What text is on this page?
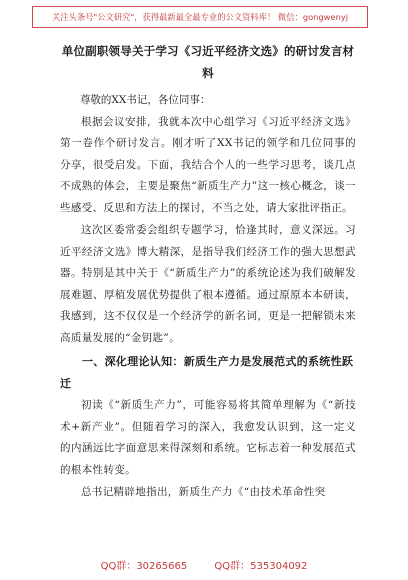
关注头条号"公文研究"，获得最新最全最专业的公文资料库！ 微信：gongwenyj
单位副职领导关于学习《习近平经济文选》的研讨发言材料

尊敬的XX书记，各位同事：

根据会议安排，我就本次中心组学习《习近平经济文选》第一卷作个研讨发言。刚才听了XX书记的领学和几位同事的分享，很受启发。下面，我结合个人的一些学习思考，谈几点不成熟的体会，主要是聚焦“新质生产力”这一核心概念，谈一些感受、反思和方法上的探讨，不当之处，请大家批评指正。

这次区委常委会组织专题学习，恰逢其时，意义深远。习近平经济文选》博大精深，是指导我们经济工作的强大思想武器。特别是其中关于《“新质生产力”的系统论述为我们破解发展难题、厚植发展优势提供了根本遵循。通过原原本本研读，我感到，这不仅仅是一个经济学的新名词，更是一把解锁未来高质量发展的“金钥匙”。

一、深化理论认知：新质生产力是发展范式的系统性跃迁

初读《“新质生产力”，可能容易将其简单理解为《“新技术+新产业”。但随着学习的深入，我愈发认识到，这一定义的内涵远比字面意思来得深刻和系统。它标志着一种发展范式的根本性转变。

总书记精辟地指出，新质生产力《“由技术革命性突

QQ群：30265665	QQ群：535304092
